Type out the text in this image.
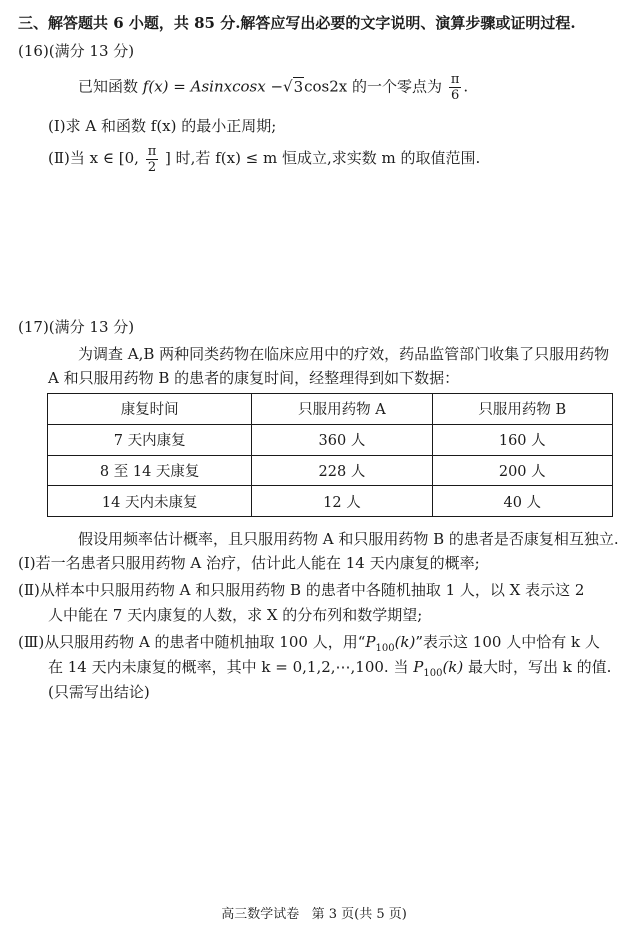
三、解答题共 6 小题，共 85 分.解答应写出必要的文字说明、演算步骤或证明过程.
(16)(满分 13 分)
已知函数 f(x) = Asinxcosx −√3cos2x 的一个零点为 $\frac{\pi}{6}$ .
(Ⅰ)求 A 和函数 f(x) 的最小正周期;
(Ⅱ)当 x ∈ [0, $\frac{\pi}{2}$ ] 时,若 f(x) ≤ m 恒成立,求实数 m 的取值范围.
(17)(满分 13 分)
为调查 A,B 两种同类药物在临床应用中的疗效，药品监管部门收集了只服用药物
A 和只服用药物 B 的患者的康复时间，经整理得到如下数据：
康复时间	只服用药物 A	只服用药物 B
7 天内康复	360 人	160 人
8 至 14 天康复	228 人	200 人
14 天内未康复	12 人	40 人
假设用频率估计概率，且只服用药物 A 和只服用药物 B 的患者是否康复相互独立.
(Ⅰ)若一名患者只服用药物 A 治疗，估计此人能在 14 天内康复的概率;
(Ⅱ)从样本中只服用药物 A 和只服用药物 B 的患者中各随机抽取 1 人，以 X 表示这 2
人中能在 7 天内康复的人数，求 X 的分布列和数学期望;
(Ⅲ)从只服用药物 A 的患者中随机抽取 100 人，用“$P_{100}(k)$”表示这 100 人中恰有 k 人
在 14 天内未康复的概率，其中 k = 0,1,2,⋯,100. 当 $P_{100}(k)$ 最大时，写出 k 的值.
(只需写出结论)
高三数学试卷   第 3 页(共 5 页)
